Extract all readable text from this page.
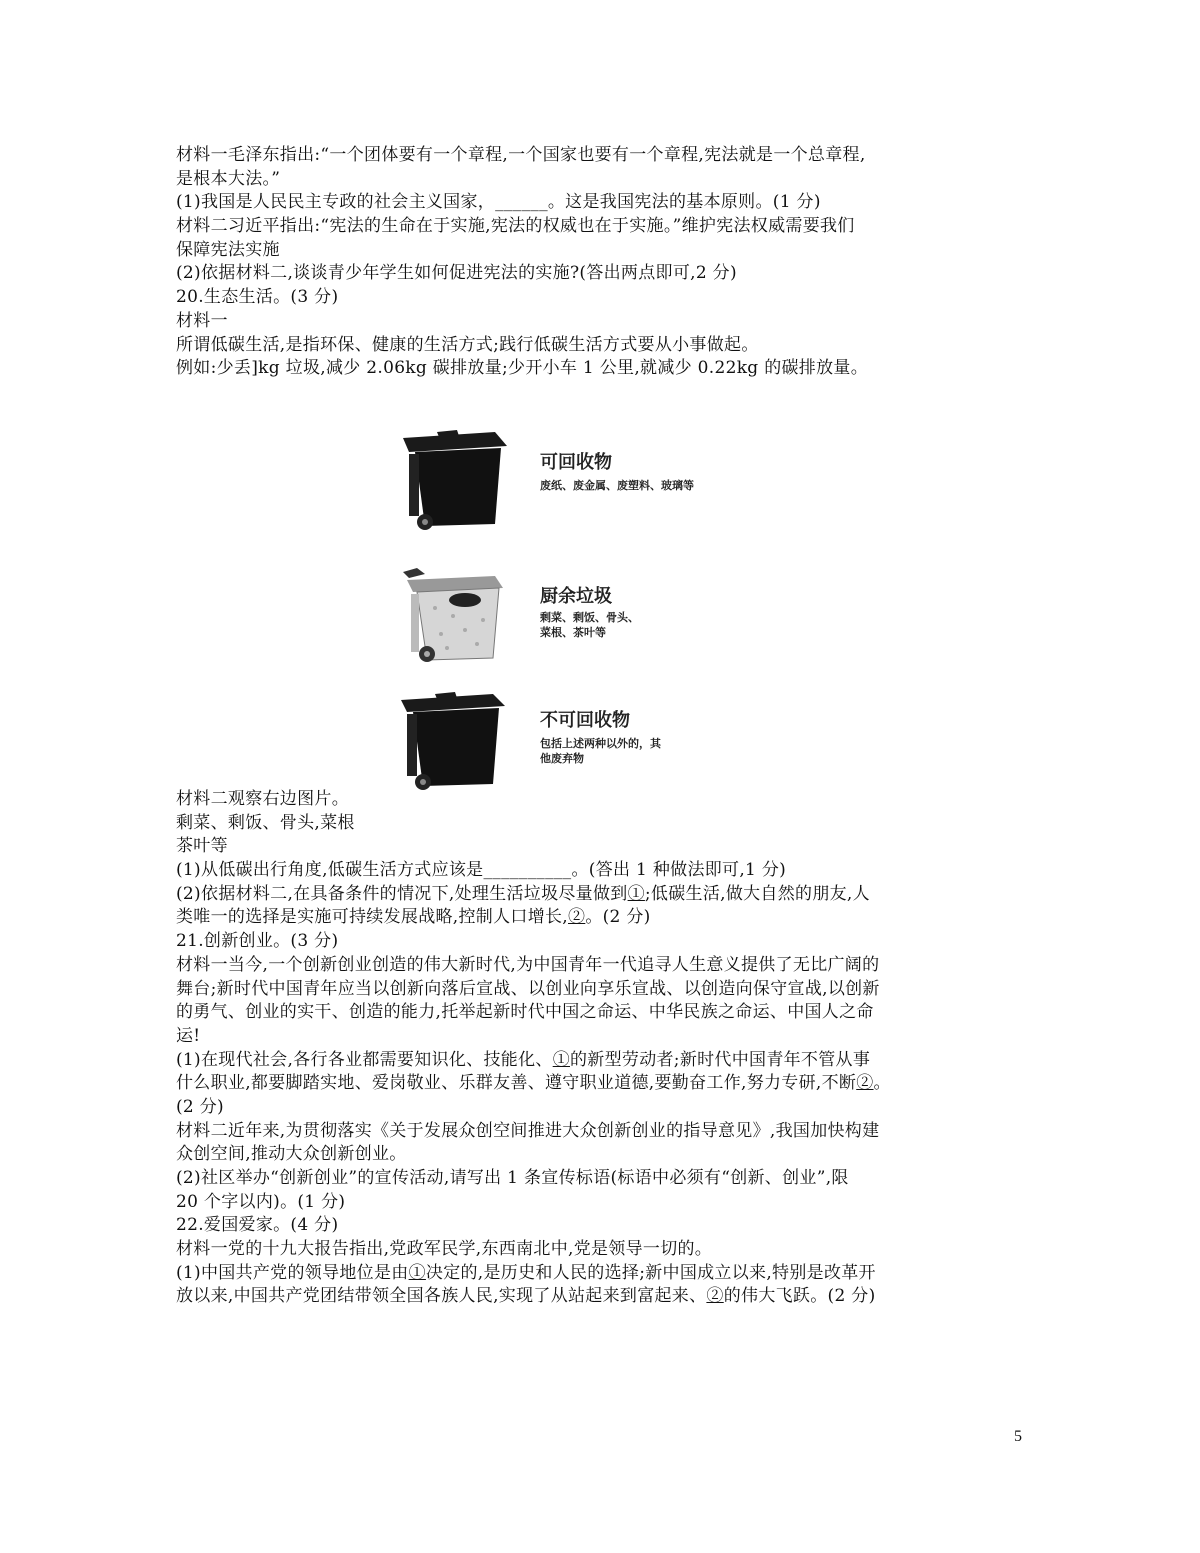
材料一毛泽东指出:“一个团体要有一个章程,一个国家也要有一个章程,宪法就是一个总章程,
是根本大法。”
(1)我国是人民民主专政的社会主义国家，______。这是我国宪法的基本原则。(1 分)
材料二习近平指出:“宪法的生命在于实施,宪法的权威也在于实施。”维护宪法权威需要我们
保障宪法实施
(2)依据材料二,谈谈青少年学生如何促进宪法的实施?(答出两点即可,2 分)
20.生态生活。(3 分)
材料一
所谓低碳生活,是指环保、健康的生活方式;践行低碳生活方式要从小事做起。
例如:少丢]kg 垃圾,减少 2.06kg 碳排放量;少开小车 1 公里,就减少 0.22kg 的碳排放量。
可回收物
废纸、废金属、废塑料、玻璃等
厨余垃圾
剩菜、剩饭、骨头、菜根、茶叶等
不可回收物
包括上述两种以外的，其他废弃物
材料二观察右边图片。
剩菜、剩饭、骨头,菜根
茶叶等
(1)从低碳出行角度,低碳生活方式应该是__________。(答出 1 种做法即可,1 分)
(2)依据材料二,在具备条件的情况下,处理生活垃圾尽量做到①;低碳生活,做大自然的朋友,人
类唯一的选择是实施可持续发展战略,控制人口增长,②。(2 分)
21.创新创业。(3 分)
材料一当今,一个创新创业创造的伟大新时代,为中国青年一代追寻人生意义提供了无比广阔的
舞台;新时代中国青年应当以创新向落后宣战、以创业向享乐宣战、以创造向保守宣战,以创新
的勇气、创业的实干、创造的能力,托举起新时代中国之命运、中华民族之命运、中国人之命
运!
(1)在现代社会,各行各业都需要知识化、技能化、①的新型劳动者;新时代中国青年不管从事
什么职业,都要脚踏实地、爱岗敬业、乐群友善、遵守职业道德,要勤奋工作,努力专研,不断②。
(2 分)
材料二近年来,为贯彻落实《关于发展众创空间推进大众创新创业的指导意见》,我国加快构建
众创空间,推动大众创新创业。
(2)社区举办“创新创业”的宣传活动,请写出 1 条宣传标语(标语中必须有“创新、创业”,限
20 个字以内)。(1 分)
22.爱国爱家。(4 分)
材料一党的十九大报告指出,党政军民学,东西南北中,党是领导一切的。
(1)中国共产党的领导地位是由①决定的,是历史和人民的选择;新中国成立以来,特别是改革开
放以来,中国共产党团结带领全国各族人民,实现了从站起来到富起来、②的伟大飞跃。(2 分)
5
